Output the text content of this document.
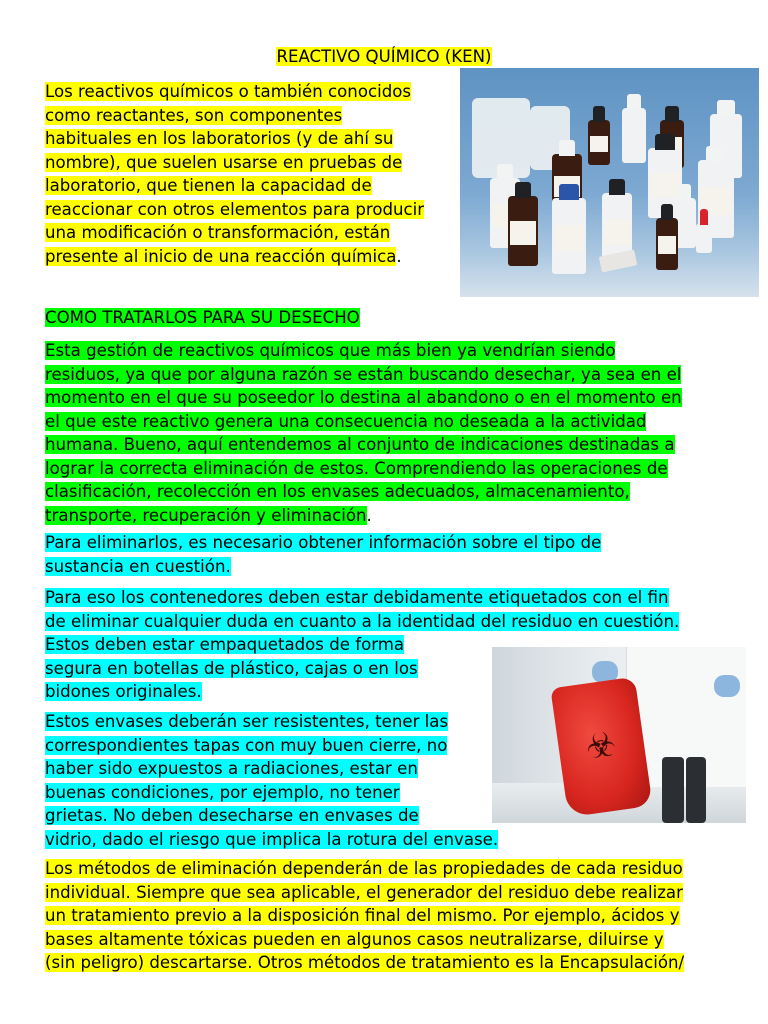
REACTIVO QUÍMICO (KEN)

Los reactivos químicos o también conocidos
como reactantes, son componentes
habituales en los laboratorios (y de ahí su
nombre), que suelen usarse en pruebas de
laboratorio, que tienen la capacidad de
reaccionar con otros elementos para producir
una modificación o transformación, están
presente al inicio de una reacción química.

COMO TRATARLOS PARA SU DESECHO

Esta gestión de reactivos químicos que más bien ya vendrían siendo
residuos, ya que por alguna razón se están buscando desechar, ya sea en el
momento en el que su poseedor lo destina al abandono o en el momento en
el que este reactivo genera una consecuencia no deseada a la actividad
humana. Bueno, aquí entendemos al conjunto de indicaciones destinadas a
lograr la correcta eliminación de estos. Comprendiendo las operaciones de
clasificación, recolección en los envases adecuados, almacenamiento,
transporte, recuperación y eliminación.

Para eliminarlos, es necesario obtener información sobre el tipo de
sustancia en cuestión.

Para eso los contenedores deben estar debidamente etiquetados con el fin
de eliminar cualquier duda en cuanto a la identidad del residuo en cuestión.
Estos deben estar empaquetados de forma
segura en botellas de plástico, cajas o en los
bidones originales.

☣

Estos envases deberán ser resistentes, tener las
correspondientes tapas con muy buen cierre, no
haber sido expuestos a radiaciones, estar en
buenas condiciones, por ejemplo, no tener
grietas. No deben desecharse en envases de
vidrio, dado el riesgo que implica la rotura del envase.

Los métodos de eliminación dependerán de las propiedades de cada residuo
individual. Siempre que sea aplicable, el generador del residuo debe realizar
un tratamiento previo a la disposición final del mismo. Por ejemplo, ácidos y
bases altamente tóxicas pueden en algunos casos neutralizarse, diluirse y
(sin peligro) descartarse. Otros métodos de tratamiento es la Encapsulación/
